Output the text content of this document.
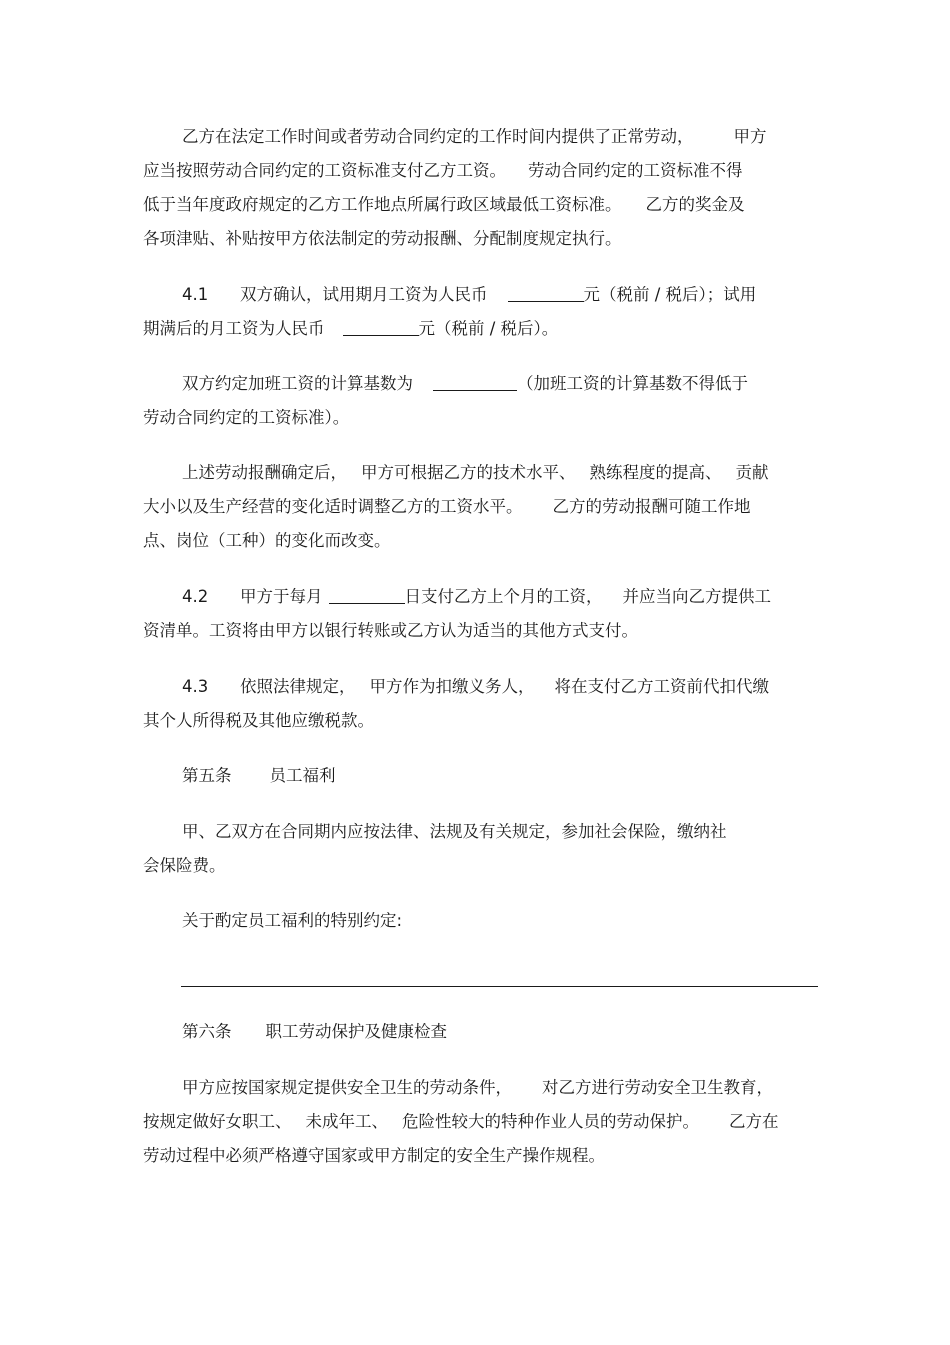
乙方在法定工作时间或者劳动合同约定的工作时间内提供了正常劳动， 甲方
应当按照劳动合同约定的工资标准支付乙方工资。 劳动合同约定的工资标准不得
低于当年度政府规定的乙方工作地点所属行政区域最低工资标准。 乙方的奖金及
各项津贴、补贴按甲方依法制定的劳动报酬、分配制度规定执行。
4.1 双方确认，试用期月工资为人民币	元（税前 / 税后）；试用
期满后的月工资为人民币	元（税前 / 税后）。
双方约定加班工资的计算基数为	（加班工资的计算基数不得低于
劳动合同约定的工资标准）。
上述劳动报酬确定后， 甲方可根据乙方的技术水平、 熟练程度的提高、 贡献
大小以及生产经营的变化适时调整乙方的工资水平。 乙方的劳动报酬可随工作地
点、岗位（工种）的变化而改变。
4.2 甲方于每月	日支付乙方上个月的工资， 并应当向乙方提供工
资清单。工资将由甲方以银行转账或乙方认为适当的其他方式支付。
4.3 依照法律规定， 甲方作为扣缴义务人， 将在支付乙方工资前代扣代缴
其个人所得税及其他应缴税款。
第五条 员工福利
甲、乙双方在合同期内应按法律、法规及有关规定，参加社会保险，缴纳社
会保险费。
关于酌定员工福利的特别约定:
第六条 职工劳动保护及健康检查
甲方应按国家规定提供安全卫生的劳动条件， 对乙方进行劳动安全卫生教育，
按规定做好女职工、 未成年工、 危险性较大的特种作业人员的劳动保护。 乙方在
劳动过程中必须严格遵守国家或甲方制定的安全生产操作规程。
